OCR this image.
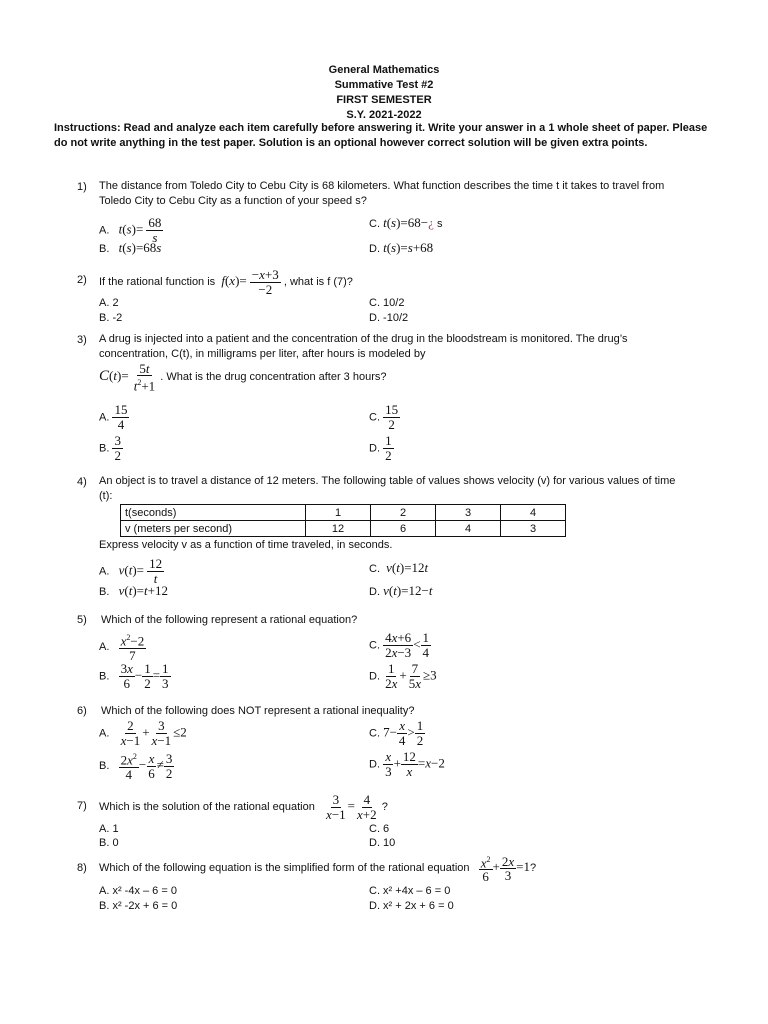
General Mathematics
Summative Test #2
FIRST SEMESTER
S.Y. 2021-2022
Instructions: Read and analyze each item carefully before answering it. Write your answer in a 1 whole sheet of paper. Please do not write anything in the test paper. Solution is an optional however correct solution will be given extra points.
1) The distance from Toledo City to Cebu City is 68 kilometers. What function describes the time t it takes to travel from Toledo City to Cebu City as a function of your speed s?
A. $t(s)= \frac{68}{s}$
B. t(s)=68s
C. t(s)=68−¿ s
D. t(s)=s+68
2) If the rational function is $f(x)= \frac{-x+3}{-2}$ , what is f (7)?
A. 2
B. -2
C. 10/2
D. -10/2
3) A drug is injected into a patient and the concentration of the drug in the bloodstream is monitored. The drug’s concentration, C(t), in milligrams per liter, after hours is modeled by
$C(t)= \frac{5t}{t^2+1}$ . What is the drug concentration after 3 hours?
A. $\frac{15}{4}$
B. $\frac{3}{2}$
C. $\frac{15}{2}$
D. $\frac{1}{2}$
4) An object is to travel a distance of 12 meters. The following table of values shows velocity (v) for various values of time (t):
t(seconds)	1	2	3	4
v (meters per second)	12	6	4	3
Express velocity v as a function of time traveled, in seconds.
A. $v(t)= \frac{12}{t}$
B. v(t)=t+12
C. v(t)=12t
D. v(t)=12−t
5) Which of the following represent a rational equation?
A. $\frac{x^2-2}{7}$
B. $\frac{3x}{6} - \frac{1}{2} = \frac{1}{3}$
C. $\frac{4x+6}{2x-3} < \frac{1}{4}$
D. $\frac{1}{2x} + \frac{7}{5x} \ge 3$
6) Which of the following does NOT represent a rational inequality?
A. $\frac{2}{x-1} + \frac{3}{x-1} \le 2$
B. $\frac{2x^2}{4} - \frac{x}{6} \ne \frac{3}{2}$
C. $7- \frac{x}{4} > \frac{1}{2}$
D. $\frac{x}{3} + \frac{12}{x} =x-2$
7) Which is the solution of the rational equation $\frac{3}{x-1} = \frac{4}{x+2}$ ?
A. 1
B. 0
C. 6
D. 10
8) Which of the following equation is the simplified form of the rational equation $\frac{x^2}{6} + \frac{2x}{3} =1$?
A. x² -4x – 6 = 0
B. x² -2x + 6 = 0
C. x² +4x – 6 = 0
D. x² + 2x + 6 = 0
